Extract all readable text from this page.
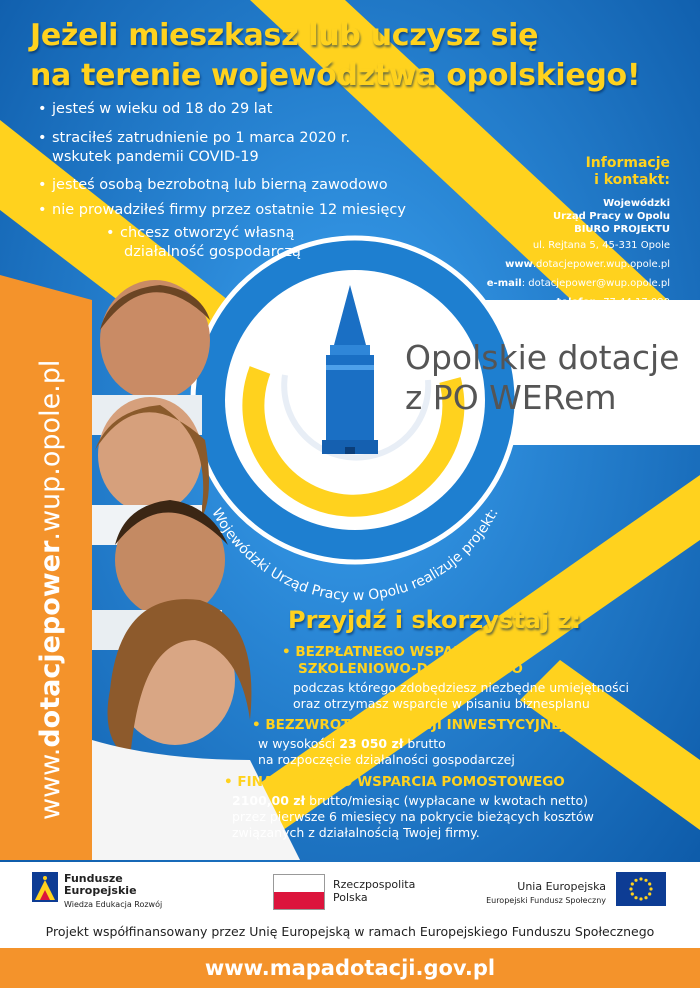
Jeżeli mieszkasz lub uczysz się
na terenie województwa opolskiego!
• jesteś w wieku od 18 do 29 lat
• straciłeś zatrudnienie po 1 marca 2020 r.
wskutek pandemii COVID-19
• jesteś osobą bezrobotną lub bierną zawodowo
• nie prowadziłeś firmy przez ostatnie 12 miesięcy
• chcesz otworzyć własną
działalność gospodarczą
Informacje
i kontakt:
Wojewódzki
Urząd Pracy w Opolu
BIURO PROJEKTU
ul. Rejtana 5, 45-331 Opole
www.dotacjepower.wup.opole.pl
e-mail: dotacjepower@wup.opole.pl
telefon: 77 44 17 090
Opolskie dotacje
z PO WERem
Wojewódzki Urząd Pracy w Opolu realizuje projekt:
www.dotacjepower.wup.opole.pl
Przyjdź i skorzystaj z:
• BEZPŁATNEGO WSPARCIA
SZKOLENIOWO-DORADCZEGO
podczas którego zdobędziesz niezbędne umiejętności
oraz otrzymasz wsparcie w pisaniu biznesplanu
• BEZZWROTNEJ DOTACJI INWESTYCYJNEJ
w wysokości 23 050 zł brutto
na rozpoczęcie działalności gospodarczej
• FINANSOWEGO WSPARCIA POMOSTOWEGO
2100,00 zł brutto/miesiąc (wypłacane w kwotach netto)
przez pierwsze 6 miesięcy na pokrycie bieżących kosztów
związanych z działalnością Twojej firmy.
Fundusze
Europejskie
Wiedza Edukacja Rozwój
Rzeczpospolita
Polska
Unia Europejska
Europejski Fundusz Społeczny
Projekt współfinansowany przez Unię Europejską w ramach Europejskiego Funduszu Społecznego
www.mapadotacji.gov.pl
